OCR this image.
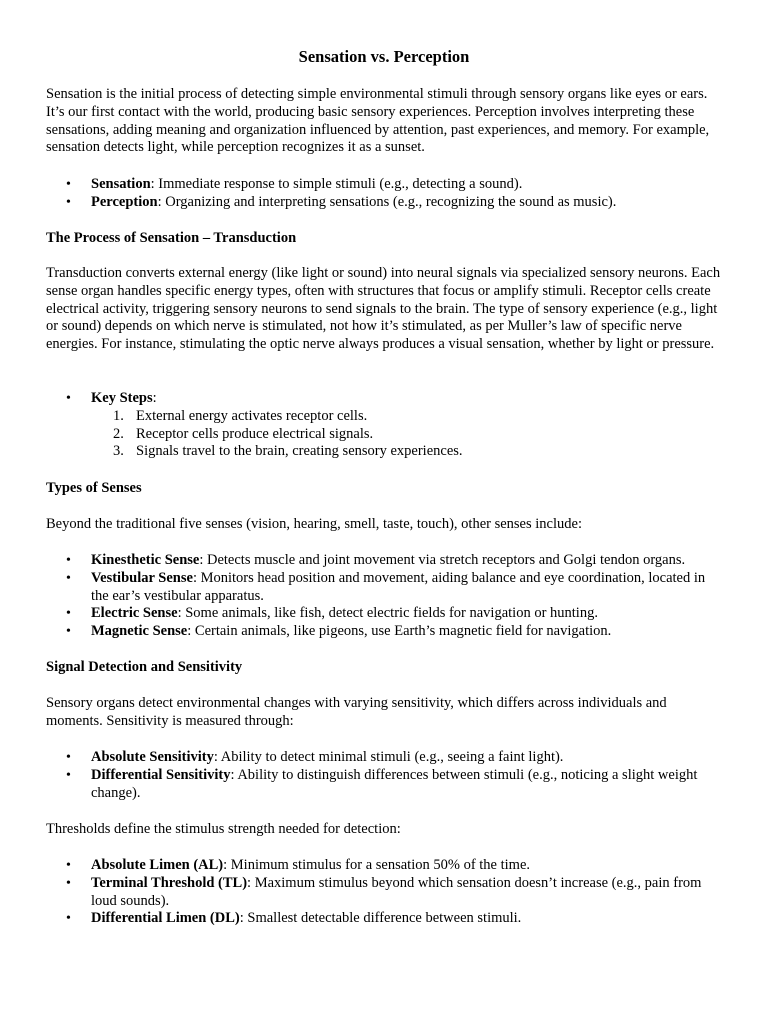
Sensation vs. Perception

Sensation is the initial process of detecting simple environmental stimuli through sensory organs like eyes or ears. It’s our first contact with the world, producing basic sensory experiences. Perception involves interpreting these sensations, adding meaning and organization influenced by attention, past experiences, and memory. For example, sensation detects light, while perception recognizes it as a sunset.

• Sensation: Immediate response to simple stimuli (e.g., detecting a sound).
• Perception: Organizing and interpreting sensations (e.g., recognizing the sound as music).
The Process of Sensation – Transduction

Transduction converts external energy (like light or sound) into neural signals via specialized sensory neurons. Each sense organ handles specific energy types, often with structures that focus or amplify stimuli. Receptor cells create electrical activity, triggering sensory neurons to send signals to the brain. The type of sensory experience (e.g., light or sound) depends on which nerve is stimulated, not how it’s stimulated, as per Muller’s law of specific nerve energies. For instance, stimulating the optic nerve always produces a visual sensation, whether by light or pressure.

• Key Steps:
1. External energy activates receptor cells.
2. Receptor cells produce electrical signals.
3. Signals travel to the brain, creating sensory experiences.
Types of Senses

Beyond the traditional five senses (vision, hearing, smell, taste, touch), other senses include:

• Kinesthetic Sense: Detects muscle and joint movement via stretch receptors and Golgi tendon organs.
• Vestibular Sense: Monitors head position and movement, aiding balance and eye coordination, located in the ear’s vestibular apparatus.
• Electric Sense: Some animals, like fish, detect electric fields for navigation or hunting.
• Magnetic Sense: Certain animals, like pigeons, use Earth’s magnetic field for navigation.
Signal Detection and Sensitivity

Sensory organs detect environmental changes with varying sensitivity, which differs across individuals and moments. Sensitivity is measured through:

• Absolute Sensitivity: Ability to detect minimal stimuli (e.g., seeing a faint light).
• Differential Sensitivity: Ability to distinguish differences between stimuli (e.g., noticing a slight weight change).

Thresholds define the stimulus strength needed for detection:

• Absolute Limen (AL): Minimum stimulus for a sensation 50% of the time.
• Terminal Threshold (TL): Maximum stimulus beyond which sensation doesn’t increase (e.g., pain from loud sounds).
• Differential Limen (DL): Smallest detectable difference between stimuli.
